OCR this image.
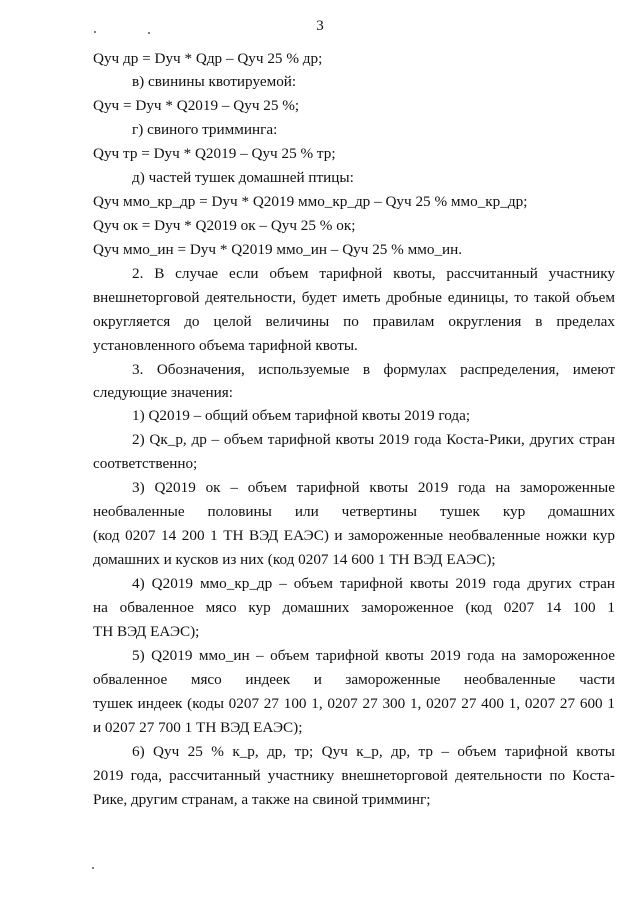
3
Qуч др = Dуч * Qдр – Qуч 25 % др;
в) свинины квотируемой:
Qуч = Dуч * Q2019 – Qуч 25 %;
г) свиного тримминга:
Qуч тр = Dуч * Q2019 – Qуч 25 % тр;
д) частей тушек домашней птицы:
Qуч ммо_кр_др = Dуч * Q2019 ммо_кр_др – Qуч 25 % ммо_кр_др;
Qуч ок = Dуч * Q2019 ок – Qуч 25 % ок;
Qуч ммо_ин = Dуч * Q2019 ммо_ин – Qуч 25 % ммо_ин.
2. В случае если объем тарифной квоты, рассчитанный участнику
внешнеторговой деятельности, будет иметь дробные единицы, то такой объем
округляется до целой величины по правилам округления в пределах
установленного объема тарифной квоты.
3. Обозначения, используемые в формулах распределения, имеют
следующие значения:
1) Q2019 – общий объем тарифной квоты 2019 года;
2) Qк_р, др – объем тарифной квоты 2019 года Коста-Рики, других стран
соответственно;
3) Q2019 ок – объем тарифной квоты 2019 года на замороженные
необваленные половины или четвертины тушек кур домашних
(код 0207 14 200 1 ТН ВЭД ЕАЭС) и замороженные необваленные ножки кур
домашних и кусков из них (код 0207 14 600 1 ТН ВЭД ЕАЭС);
4) Q2019 ммо_кр_др – объем тарифной квоты 2019 года других стран
на обваленное мясо кур домашних замороженное (код 0207 14 100 1
ТН ВЭД ЕАЭС);
5) Q2019 ммо_ин – объем тарифной квоты 2019 года на замороженное
обваленное мясо индеек и замороженные необваленные части
тушек индеек (коды 0207 27 100 1, 0207 27 300 1, 0207 27 400 1, 0207 27 600 1
и 0207 27 700 1 ТН ВЭД ЕАЭС);
6) Qуч 25 % к_р, др, тр; Qуч к_р, др, тр – объем тарифной квоты
2019 года, рассчитанный участнику внешнеторговой деятельности по Коста-
Рике, другим странам, а также на свиной тримминг;
